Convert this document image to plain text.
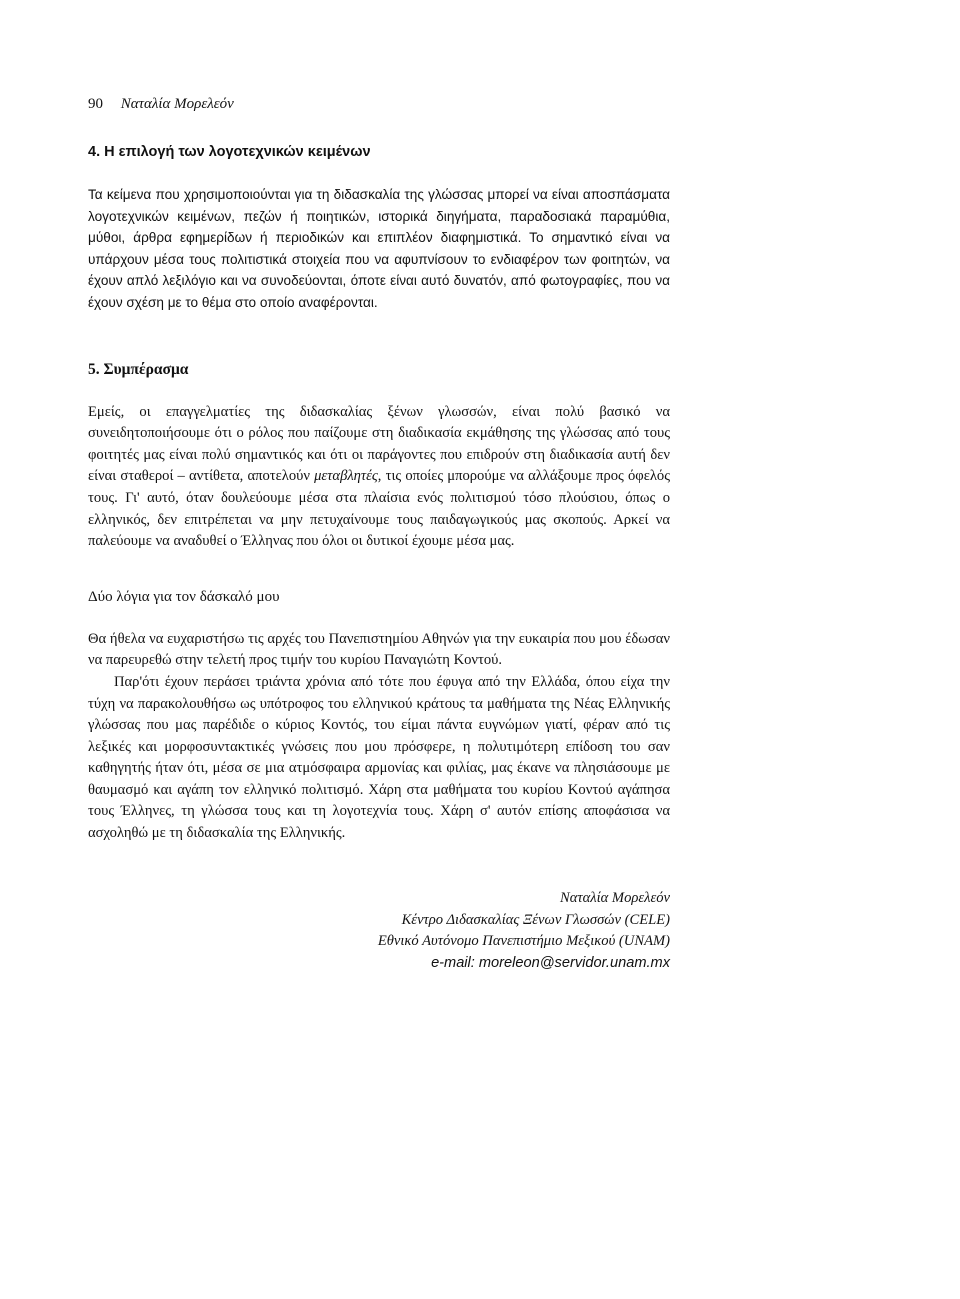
90 Ναταλία Μορελεόν
4. Η επιλογή των λογοτεχνικών κειμένων

Τα κείμενα που χρησιμοποιούνται για τη διδασκαλία της γλώσσας μπορεί να είναι αποσπάσματα λογοτεχνικών κειμένων, πεζών ή ποιητικών, ιστορικά διηγήματα, παραδοσιακά παραμύθια, μύθοι, άρθρα εφημερίδων ή περιοδικών και επιπλέον διαφημιστικά. Το σημαντικό είναι να υπάρχουν μέσα τους πολιτιστικά στοιχεία που να αφυπνίσουν το ενδιαφέρον των φοιτητών, να έχουν απλό λεξιλόγιο και να συνοδεύονται, όποτε είναι αυτό δυνατόν, από φωτογραφίες, που να έχουν σχέση με το θέμα στο οποίο αναφέρονται.

5. Συμπέρασμα

Εμείς, οι επαγγελματίες της διδασκαλίας ξένων γλωσσών, είναι πολύ βασικό να συνειδητοποιήσουμε ότι ο ρόλος που παίζουμε στη διαδικασία εκμάθησης της γλώσσας από τους φοιτητές μας είναι πολύ σημαντικός και ότι οι παράγοντες που επιδρούν στη διαδικασία αυτή δεν είναι σταθεροί – αντίθετα, αποτελούν μεταβλητές, τις οποίες μπορούμε να αλλάξουμε προς όφελός τους. Γι' αυτό, όταν δουλεύουμε μέσα στα πλαίσια ενός πολιτισμού τόσο πλούσιου, όπως ο ελληνικός, δεν επιτρέπεται να μην πετυχαίνουμε τους παιδαγωγικούς μας σκοπούς. Αρκεί να παλεύουμε να αναδυθεί ο Έλληνας που όλοι οι δυτικοί έχουμε μέσα μας.

Δύο λόγια για τον δάσκαλό μου

Θα ήθελα να ευχαριστήσω τις αρχές του Πανεπιστημίου Αθηνών για την ευκαιρία που μου έδωσαν να παρευρεθώ στην τελετή προς τιμήν του κυρίου Παναγιώτη Κοντού.

Παρ'ότι έχουν περάσει τριάντα χρόνια από τότε που έφυγα από την Ελλάδα, όπου είχα την τύχη να παρακολουθήσω ως υπότροφος του ελληνικού κράτους τα μαθήματα της Νέας Ελληνικής γλώσσας που μας παρέδιδε ο κύριος Κοντός, του είμαι πάντα ευγνώμων γιατί, φέραν από τις λεξικές και μορφοσυντακτικές γνώσεις που μου πρόσφερε, η πολυτιμότερη επίδοση του σαν καθηγητής ήταν ότι, μέσα σε μια ατμόσφαιρα αρμονίας και φιλίας, μας έκανε να πλησιάσουμε με θαυμασμό και αγάπη τον ελληνικό πολιτισμό. Χάρη στα μαθήματα του κυρίου Κοντού αγάπησα τους Έλληνες, τη γλώσσα τους και τη λογοτεχνία τους. Χάρη σ' αυτόν επίσης αποφάσισα να ασχοληθώ με τη διδασκαλία της Ελληνικής.

Ναταλία Μορελεόν
Κέντρο Διδασκαλίας Ξένων Γλωσσών (CELE)
Εθνικό Αυτόνομο Πανεπιστήμιο Μεξικού (UNAM)
e-mail: moreleon@servidor.unam.mx
